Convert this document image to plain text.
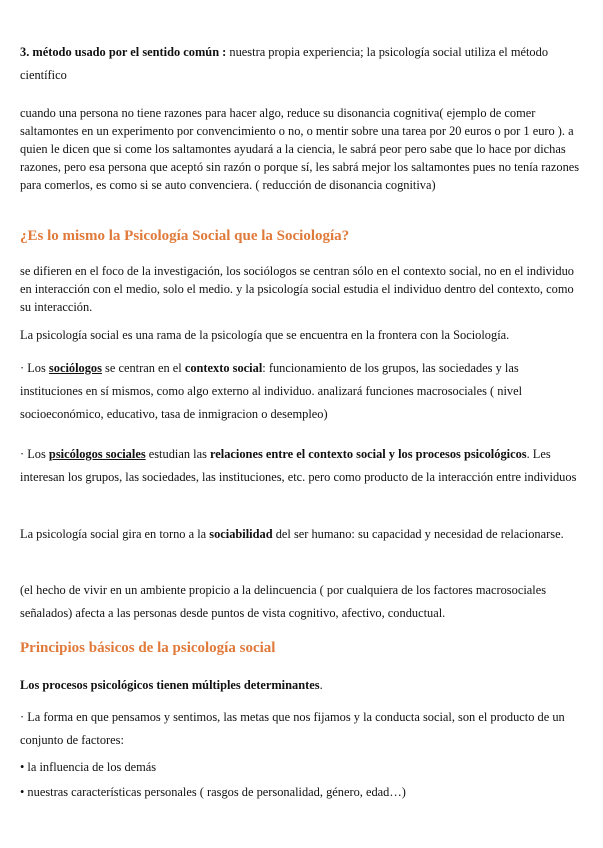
3. método usado por el sentido común : nuestra propia experiencia; la psicología social utiliza el método científico

cuando una persona no tiene razones para hacer algo, reduce su disonancia cognitiva( ejemplo de comer saltamontes en un experimento por convencimiento o no, o mentir sobre una tarea por 20 euros o por 1 euro ). a quien le dicen que si come los saltamontes ayudará a la ciencia, le sabrá peor pero sabe que lo hace por dichas razones, pero esa persona que aceptó sin razón o porque sí, les sabrá mejor los saltamontes pues no tenía razones para comerlos, es como si se auto convenciera. ( reducción de disonancia cognitiva)

¿Es lo mismo la Psicología Social que la Sociología?

se difieren en el foco de la investigación, los sociólogos se centran sólo en el contexto social, no en el individuo en interacción con el medio, solo el medio. y la psicología social estudia el individuo dentro del contexto, como su interacción.

La psicología social es una rama de la psicología que se encuentra en la frontera con la Sociología.

· Los sociólogos se centran en el contexto social: funcionamiento de los grupos, las sociedades y las instituciones en sí mismos, como algo externo al individuo. analizará funciones macrosociales ( nivel socioeconómico, educativo, tasa de inmigracion o desempleo)

· Los psicólogos sociales estudian las relaciones entre el contexto social y los procesos psicológicos. Les interesan los grupos, las sociedades, las instituciones, etc. pero como producto de la interacción entre individuos

La psicología social gira en torno a la sociabilidad del ser humano: su capacidad y necesidad de relacionarse.

(el hecho de vivir en un ambiente propicio a la delincuencia ( por cualquiera de los factores macrosociales señalados) afecta a las personas desde puntos de vista cognitivo, afectivo, conductual.

Principios básicos de la psicología social

Los procesos psicológicos tienen múltiples determinantes.

· La forma en que pensamos y sentimos, las metas que nos fijamos y la conducta social, son el producto de un conjunto de factores:

• la influencia de los demás

• nuestras características personales ( rasgos de personalidad, género, edad…)
